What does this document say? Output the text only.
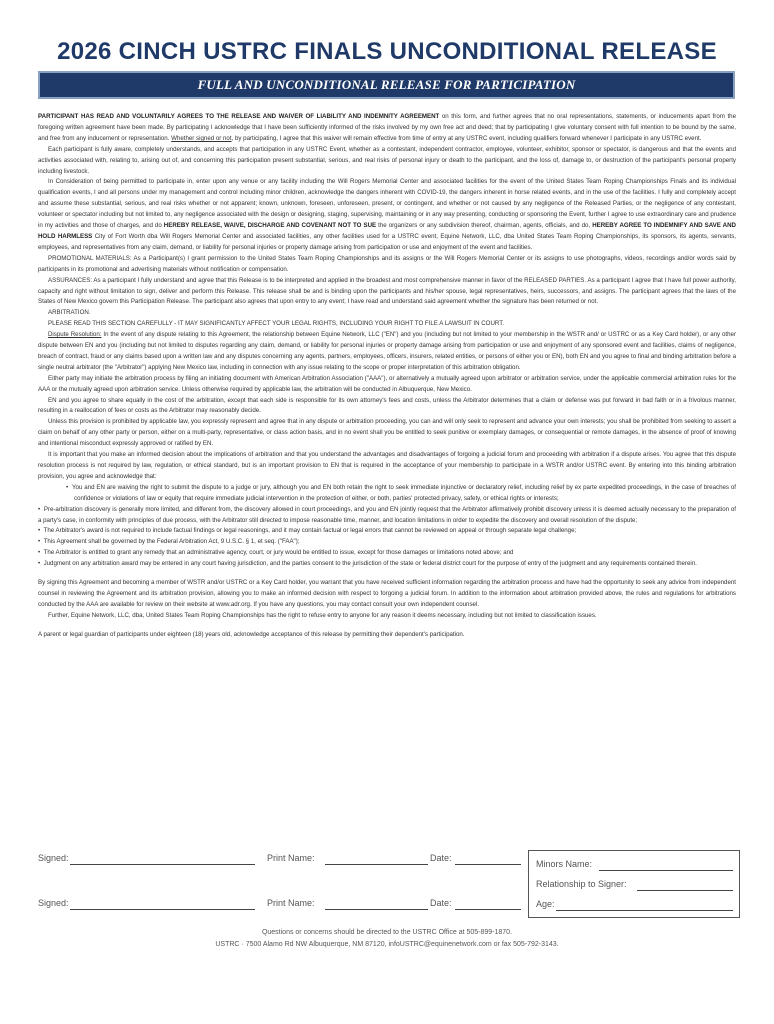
2026 CINCH USTRC FINALS UNCONDITIONAL RELEASE
FULL AND UNCONDITIONAL RELEASE FOR PARTICIPATION

PARTICIPANT HAS READ AND VOLUNTARILY AGREES TO THE RELEASE AND WAIVER OF LIABILITY AND INDEMNITY AGREEMENT on this form, and further agrees that no oral representations, statements, or inducements apart from the foregoing written agreement have been made. By participating I acknowledge that I have been sufficiently informed of the risks involved by my own free act and deed; that by participating I give voluntary consent with full intention to be bound by the same, and free from any inducement or representation. Whether signed or not, by participating, I agree that this waiver will remain effective from time of entry at any USTRC event, including qualifiers forward whenever I participate in any USTRC event.

Each participant is fully aware, completely understands, and accepts that participation in any USTRC Event, whether as a contestant, independent contractor, employee, volunteer, exhibitor, sponsor or spectator, is dangerous and that the events and activities associated with, relating to, arising out of, and concerning this participation present substantial, serious, and real risks of personal injury or death to the participant, and the loss of, damage to, or destruction of the participant's personal property including livestock.

In Consideration of being permitted to participate in, enter upon any venue or any facility including the Will Rogers Memorial Center and associated facilities for the event of the United States Team Roping Championships Finals and its individual qualification events, I and all persons under my management and control including minor children, acknowledge the dangers inherent with COVID-19, the dangers inherent in horse related events, and in the use of the facilities. I fully and completely accept and assume these substantial, serious, and real risks whether or not apparent; known, unknown, foreseen, unforeseen, present, or contingent, and whether or not caused by any negligence of the Released Parties, or the negligence of any contestant, volunteer or spectator including but not limited to, any negligence associated with the design or designing, staging, supervising, maintaining or in any way presenting, conducting or sponsoring the Event, further I agree to use extraordinary care and prudence in my activities and those of charges, and do HEREBY RELEASE, WAIVE, DISCHARGE AND COVENANT NOT TO SUE the organizers or any subdivision thereof, chairman, agents, officials, and do, HEREBY AGREE TO INDEMNIFY AND SAVE AND HOLD HARMLESS City of Fort Worth dba Will Rogers Memorial Center and associated facilities, any other facilities used for a USTRC event, Equine Network, LLC, dba United States Team Roping Championships, its sponsors, its agents, servants, employees, and representatives from any claim, demand, or liability for personal injuries or property damage arising from participation or use and enjoyment of the event and facilities.

PROMOTIONAL MATERIALS: As a Participant(s) I grant permission to the United States Team Roping Championships and its assigns or the Will Rogers Memorial Center or its assigns to use photographs, videos, recordings and/or words said by participants in its promotional and advertising materials without notification or compensation.

ASSURANCES: As a participant I fully understand and agree that this Release is to be interpreted and applied in the broadest and most comprehensive manner in favor of the RELEASED PARTIES. As a participant I agree that I have full power authority, capacity and right without limitation to sign, deliver and perform this Release. This release shall be and is binding upon the participants and his/her spouse, legal representatives, heirs, successors, and assigns. The participant agrees that the laws of the States of New Mexico govern this Participation Release. The participant also agrees that upon entry to any event; I have read and understand said agreement whether the signature has been returned or not.

ARBITRATION.

PLEASE READ THIS SECTION CAREFULLY - IT MAY SIGNIFICANTLY AFFECT YOUR LEGAL RIGHTS, INCLUDING YOUR RIGHT TO FILE A LAWSUIT IN COURT.

Dispute Resolution: In the event of any dispute relating to this Agreement, the relationship between Equine Network, LLC ("EN") and you (including but not limited to your membership in the WSTR and/ or USTRC or as a Key Card holder), or any other dispute between EN and you (including but not limited to disputes regarding any claim, demand, or liability for personal injuries or property damage arising from participation or use and enjoyment of any sponsored event and facilities, claims of negligence, breach of contract, fraud or any claims based upon a written law and any disputes concerning any agents, partners, employees, officers, insurers, related entities, or persons of either you or EN), both EN and you agree to final and binding arbitration before a single neutral arbitrator (the "Arbitrator") applying New Mexico law, including in connection with any issue relating to the scope or proper interpretation of this arbitration obligation.

Either party may initiate the arbitration process by filing an initiating document with American Arbitration Association ("AAA"), or alternatively a mutually agreed upon arbitrator or arbitration service, under the applicable commercial arbitration rules for the AAA or the mutually agreed upon arbitration service. Unless otherwise required by applicable law, the arbitration will be conducted in Albuquerque, New Mexico.

EN and you agree to share equally in the cost of the arbitration, except that each side is responsible for its own attorney's fees and costs, unless the Arbitrator determines that a claim or defense was put forward in bad faith or in a frivolous manner, resulting in a reallocation of fees or costs as the Arbitrator may reasonably decide.

Unless this provision is prohibited by applicable law, you expressly represent and agree that in any dispute or arbitration proceeding, you can and will only seek to represent and advance your own interests; you shall be prohibited from seeking to assert a claim on behalf of any other party or person, either on a multi-party, representative, or class action basis, and in no event shall you be entitled to seek punitive or exemplary damages, or consequential or remote damages, in the absence of proof of knowing and intentional misconduct expressly approved or ratified by EN.

It is important that you make an informed decision about the implications of arbitration and that you understand the advantages and disadvantages of forgoing a judicial forum and proceeding with arbitration if a dispute arises. You agree that this dispute resolution process is not required by law, regulation, or ethical standard, but is an important provision to EN that is required in the acceptance of your membership to participate in a WSTR and/or USTRC event. By entering into this binding arbitration provision, you agree and acknowledge that:

•  You and EN are waiving the right to submit the dispute to a judge or jury, although you and EN both retain the right to seek immediate injunctive or declaratory relief, including relief by ex parte expedited proceedings, in the case of breaches of confidence or violations of law or equity that require immediate judicial intervention in the protection of either, or both, parties' protected privacy, safety, or ethical rights or interests;

•  Pre-arbitration discovery is generally more limited, and different from, the discovery allowed in court proceedings, and you and EN jointly request that the Arbitrator affirmatively prohibit discovery unless it is deemed actually necessary to the preparation of a party's case, in conformity with principles of due process, with the Arbitrator still directed to impose reasonable time, manner, and location limitations in order to expedite the discovery and overall resolution of the dispute;

•  The Arbitrator's award is not required to include factual findings or legal reasonings, and it may contain factual or legal errors that cannot be reviewed on appeal or through separate legal challenge;

•  This Agreement shall be governed by the Federal Arbitration Act, 9 U.S.C. § 1, et seq. ("FAA");

•  The Arbitrator is entitled to grant any remedy that an administrative agency, court, or jury would be entitled to issue, except for those damages or limitations noted above; and

•  Judgment on any arbitration award may be entered in any court having jurisdiction, and the parties consent to the jurisdiction of the state or federal district court for the purpose of entry of the judgment and any requirements contained therein.

By signing this Agreement and becoming a member of WSTR and/or USTRC or a Key Card holder, you warrant that you have received sufficient information regarding the arbitration process and have had the opportunity to seek any advice from independent counsel in reviewing the Agreement and its arbitration provision, allowing you to make an informed decision with respect to forgoing a judicial forum. In addition to the information about arbitration provided above, the rules and regulations for arbitrations conducted by the AAA are available for review on their website at www.adr.org. If you have any questions, you may contact consult your own independent counsel.

Further, Equine Network, LLC, dba, United States Team Roping Championships has the right to refuse entry to anyone for any reason it deems necessary, including but not limited to classification issues.

A parent or legal guardian of participants under eighteen (18) years old, acknowledge acceptance of this release by permitting their dependent's participation.

Signed:	Print Name:	Date:
Signed:	Print Name:	Date:
Minors Name:
Relationship to Signer:
Age:
Questions or concerns should be directed to the USTRC Office at 505-899-1870.
USTRC · 7500 Alamo Rd NW Albuquerque, NM 87120, infoUSTRC@equinenetwork.com or fax 505-792-3143.
